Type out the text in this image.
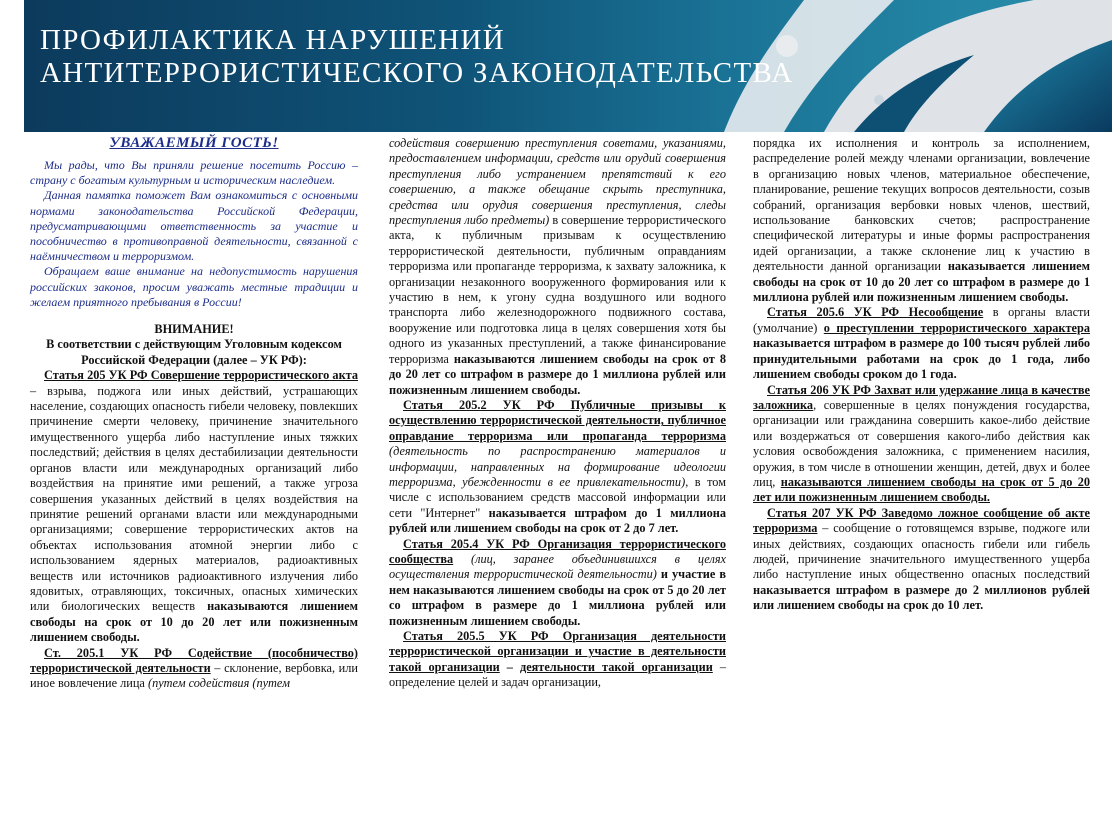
ПРОФИЛАКТИКА НАРУШЕНИЙ
АНТИТЕРРОРИСТИЧЕСКОГО ЗАКОНОДАТЕЛЬСТВА
УВАЖАЕМЫЙ ГОСТЬ!

Мы рады, что Вы приняли решение посетить Россию – страну с богатым культурным и историческим наследием.

Данная памятка поможет Вам ознакомиться с основными нормами законодательства Российской Федерации, предусматривающими ответственность за участие и пособничество в противоправной деятельности, связанной с наёмничеством и терроризмом.

Обращаем ваше внимание на недопустимость нарушения российских законов, просим уважать местные традиции и желаем приятного пребывания в России!

ВНИМАНИЕ!
В соответствии с действующим Уголовным кодексом Российской Федерации (далее – УК РФ):

Статья 205 УК РФ Совершение террористического акта – взрыва, поджога или иных действий, устрашающих население, создающих опасность гибели человеку, повлекших причинение смерти человеку, причинение значительного имущественного ущерба либо наступление иных тяжких последствий; действия в целях дестабилизации деятельности органов власти или международных организаций либо воздействия на принятие ими решений, а также угроза совершения указанных действий в целях воздействия на принятие решений органами власти или международными организациями; совершение террористических актов на объектах использования атомной энергии либо с использованием ядерных материалов, радиоактивных веществ или источников радиоактивного излучения либо ядовитых, отравляющих, токсичных, опасных химических или биологических веществ наказываются лишением свободы на срок от 10 до 20 лет или пожизненным лишением свободы.

Ст. 205.1 УК РФ Содействие (пособничество) террористической деятельности – склонение, вербовка, или иное вовлечение лица (путем содействия (путем

содействия совершению преступления советами, указаниями, предоставлением информации, средств или орудий совершения преступления либо устранением препятствий к его совершению, а также обещание скрыть преступника, средства или орудия совершения преступления, следы преступления либо предметы) в совершение террористического акта, к публичным призывам к осуществлению террористической деятельности, публичным оправданиям терроризма или пропаганде терроризма, к захвату заложника, к организации незаконного вооруженного формирования или к участию в нем, к угону судна воздушного или водного транспорта либо железнодорожного подвижного состава, вооружение или подготовка лица в целях совершения хотя бы одного из указанных преступлений, а также финансирование терроризма наказываются лишением свободы на срок от 8 до 20 лет со штрафом в размере до 1 миллиона рублей или пожизненным лишением свободы.

Статья 205.2 УК РФ Публичные призывы к осуществлению террористической деятельности, публичное оправдание терроризма или пропаганда терроризма (деятельность по распространению материалов и информации, направленных на формирование идеологии терроризма, убежденности в ее привлекательности), в том числе с использованием средств массовой информации или сети "Интернет" наказывается штрафом до 1 миллиона рублей или лишением свободы на срок от 2 до 7 лет.

Статья 205.4 УК РФ Организация террористического сообщества (лиц, заранее объединившихся в целях осуществления террористической деятельности) и участие в нем наказываются лишением свободы на срок от 5 до 20 лет со штрафом в размере до 1 миллиона рублей или пожизненным лишением свободы.

Статья 205.5 УК РФ Организация деятельности террористической организации и участие в деятельности такой организации – деятельности такой организации – определение целей и задач организации,

порядка их исполнения и контроль за исполнением, распределение ролей между членами организации, вовлечение в организацию новых членов, материальное обеспечение, планирование, решение текущих вопросов деятельности, созыв собраний, организация вербовки новых членов, шествий, использование банковских счетов; распространение специфической литературы и иные формы распространения идей организации, а также склонение лиц к участию в деятельности данной организации наказывается лишением свободы на срок от 10 до 20 лет со штрафом в размере до 1 миллиона рублей или пожизненным лишением свободы.

Статья 205.6 УК РФ Несообщение в органы власти (умолчание) о преступлении террористического характера наказывается штрафом в размере до 100 тысяч рублей либо принудительными работами на срок до 1 года, либо лишением свободы сроком до 1 года.

Статья 206 УК РФ Захват или удержание лица в качестве заложника, совершенные в целях понуждения государства, организации или гражданина совершить какое-либо действие или воздержаться от совершения какого-либо действия как условия освобождения заложника, с применением насилия, оружия, в том числе в отношении женщин, детей, двух и более лиц, наказываются лишением свободы на срок от 5 до 20 лет или пожизненным лишением свободы.

Статья 207 УК РФ Заведомо ложное сообщение об акте терроризма – сообщение о готовящемся взрыве, поджоге или иных действиях, создающих опасность гибели или гибель людей, причинение значительного имущественного ущерба либо наступление иных общественно опасных последствий наказывается штрафом в размере до 2 миллионов рублей или лишением свободы на срок до 10 лет.
